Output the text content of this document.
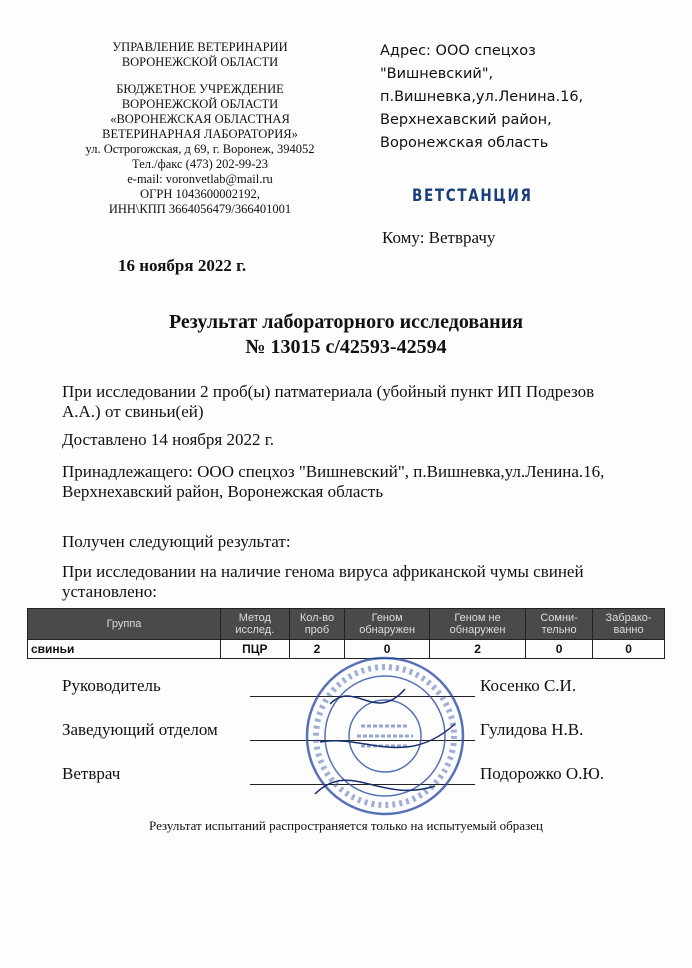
УПРАВЛЕНИЕ ВЕТЕРИНАРИИ

ВОРОНЕЖСКОЙ ОБЛАСТИ

БЮДЖЕТНОЕ УЧРЕЖДЕНИЕ

ВОРОНЕЖСКОЙ ОБЛАСТИ

«ВОРОНЕЖСКАЯ ОБЛАСТНАЯ

ВЕТЕРИНАРНАЯ ЛАБОРАТОРИЯ»

ул. Острогожская, д 69, г. Воронеж, 394052

Тел./факс (473) 202-99-23

e-mail: voronvetlab@mail.ru

ОГРН 1043600002192,

ИНН\КПП 3664056479/366401001

Адрес: ООО спецхоз
"Вишневский",
п.Вишневка,ул.Ленина.16,
Верхнехавский район,
Воронежская область
ВЕТСТАНЦИЯ
Кому: Ветврачу
16 ноября 2022 г.
Результат лабораторного исследования
№ 13015 с/42593-42594
При исследовании 2 проб(ы) патматериала (убойный пункт ИП Подрезов А.А.) от свиньи(ей)
Доставлено 14 ноября 2022 г.
Принадлежащего: ООО спецхоз "Вишневский", п.Вишневка,ул.Ленина.16, Верхнехавский район, Воронежская область
Получен следующий результат:
При исследовании на наличие генома вируса африканской чумы свиней установлено:
Группа	Метод исслед.	Кол-во проб	Геном обнаружен	Геном не обнаружен	Сомни-тельно	Забрако-ванно
свиньи	ПЦР	2	0	2	0	0
Руководитель	Косенко С.И.
Заведующий отделом	Гулидова Н.В.
Ветврач	Подорожко О.Ю.
Результат испытаний распространяется только на испытуемый образец
